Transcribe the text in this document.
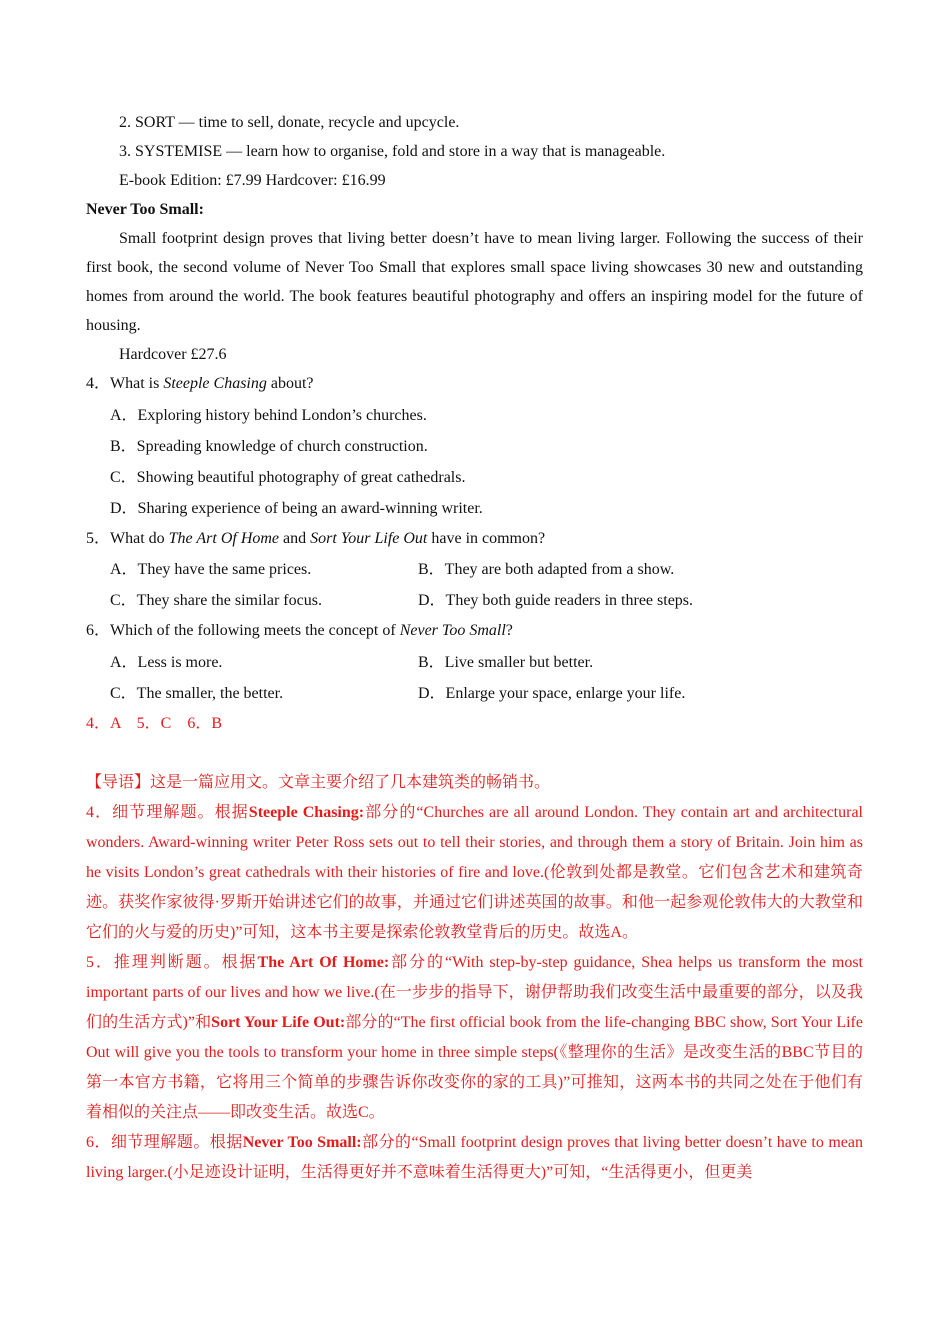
2. SORT — time to sell, donate, recycle and upcycle.
3. SYSTEMISE — learn how to organise, fold and store in a way that is manageable.
E-book Edition: £7.99 Hardcover: £16.99
Never Too Small:
Small footprint design proves that living better doesn’t have to mean living larger. Following the success of their first book, the second volume of Never Too Small that explores small space living showcases 30 new and outstanding homes from around the world. The book features beautiful photography and offers an inspiring model for the future of housing.
Hardcover £27.6
4．What is Steeple Chasing about?
A．Exploring history behind London’s churches.
B．Spreading knowledge of church construction.
C．Showing beautiful photography of great cathedrals.
D．Sharing experience of being an award-winning writer.
5．What do The Art Of Home and Sort Your Life Out have in common?
A．They have the same prices.	B．They are both adapted from a show.
C．They share the similar focus.	D．They both guide readers in three steps.
6．Which of the following meets the concept of Never Too Small?
A．Less is more.	B．Live smaller but better.
C．The smaller, the better.	D．Enlarge your space, enlarge your life.
4．A　5．C　6．B
【导语】这是一篇应用文。文章主要介绍了几本建筑类的畅销书。
4．细节理解题。根据Steeple Chasing:部分的“Churches are all around London. They contain art and architectural wonders. Award-winning writer Peter Ross sets out to tell their stories, and through them a story of Britain. Join him as he visits London’s great cathedrals with their histories of fire and love.(伦敦到处都是教堂。它们包含艺术和建筑奇迹。获奖作家彼得·罗斯开始讲述它们的故事，并通过它们讲述英国的故事。和他一起参观伦敦伟大的大教堂和它们的火与爱的历史)”可知，这本书主要是探索伦敦教堂背后的历史。故选A。
5．推理判断题。根据The Art Of Home:部分的“With step-by-step guidance, Shea helps us transform the most important parts of our lives and how we live.(在一步步的指导下，谢伊帮助我们改变生活中最重要的部分，以及我们的生活方式)”和Sort Your Life Out:部分的“The first official book from the life-changing BBC show, Sort Your Life Out will give you the tools to transform your home in three simple steps(《整理你的生活》是改变生活的BBC节目的第一本官方书籍，它将用三个简单的步骤告诉你改变你的家的工具)”可推知，这两本书的共同之处在于他们有着相似的关注点——即改变生活。故选C。
6．细节理解题。根据Never Too Small:部分的“Small footprint design proves that living better doesn’t have to mean living larger.(小足迹设计证明，生活得更好并不意味着生活得更大)”可知，“生活得更小，但更美
